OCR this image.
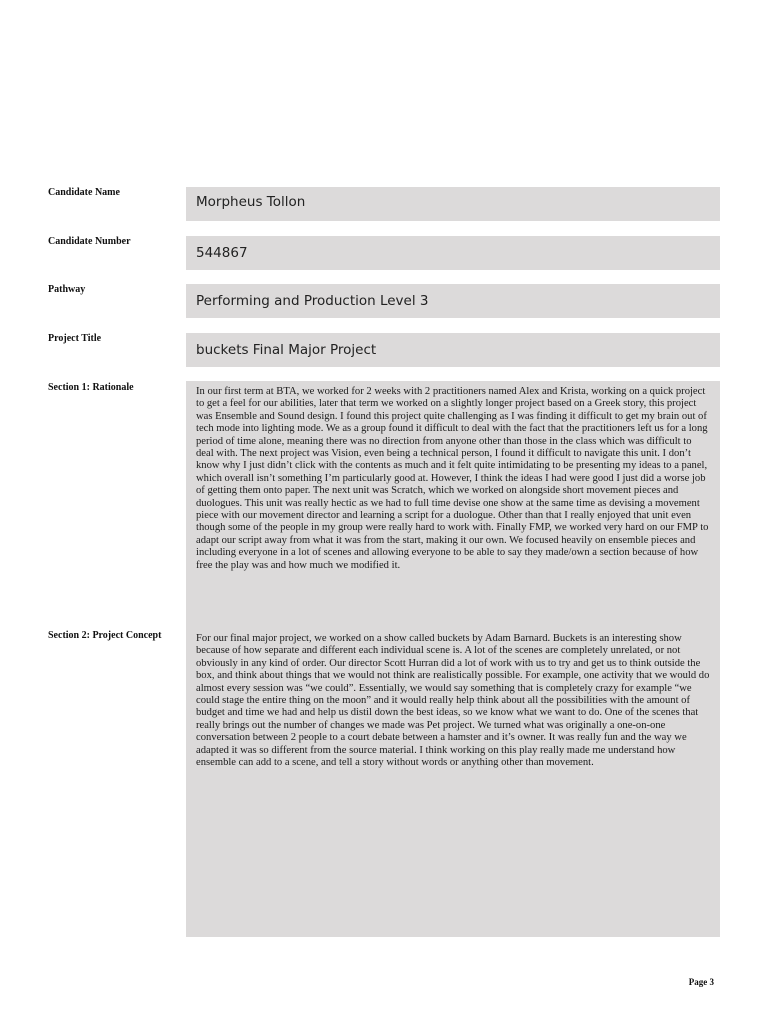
Candidate Name
Morpheus Tollon
Candidate Number
544867
Pathway
Performing and Production Level 3
Project Title
buckets Final Major Project
Section 1: Rationale	In our first term at BTA, we worked for 2 weeks with 2 practitioners named Alex and Krista, working on a quick project to get a feel for our abilities, later that term we worked on a slightly longer project based on a Greek story, this project was Ensemble and Sound design. I found this project quite challenging as I was finding it difficult to get my brain out of tech mode into lighting mode. We as a group found it difficult to deal with the fact that the practitioners left us for a long period of time alone, meaning there was no direction from anyone other than those in the class which was difficult to deal with. The next project was Vision, even being a technical person, I found it difficult to navigate this unit. I don’t know why I just didn’t click with the contents as much and it felt quite intimidating to be presenting my ideas to a panel, which overall isn’t something I’m particularly good at. However, I think the ideas I had were good I just did a worse job of getting them onto paper. The next unit was Scratch, which we worked on alongside short movement pieces and duologues. This unit was really hectic as we had to full time devise one show at the same time as devising a movement piece with our movement director and learning a script for a duologue. Other than that I really enjoyed that unit even though some of the people in my group were really hard to work with. Finally FMP, we worked very hard on our FMP to adapt our script away from what it was from the start, making it our own. We focused heavily on ensemble pieces and including everyone in a lot of scenes and allowing everyone to be able to say they made/own a section because of how free the play was and how much we modified it.
Section 2: Project Concept	For our final major project, we worked on a show called buckets by Adam Barnard. Buckets is an interesting show because of how separate and different each individual scene is. A lot of the scenes are completely unrelated, or not obviously in any kind of order. Our director Scott Hurran did a lot of work with us to try and get us to think outside the box, and think about things that we would not think are realistically possible. For example, one activity that we would do almost every session was “we could”. Essentially, we would say something that is completely crazy for example “we could stage the entire thing on the moon” and it would really help think about all the possibilities with the amount of budget and time we had and help us distil down the best ideas, so we know what we want to do. One of the scenes that really brings out the number of changes we made was Pet project. We turned what was originally a one-on-one conversation between 2 people to a court debate between a hamster and it’s owner. It was really fun and the way we adapted it was so different from the source material. I think working on this play really made me understand how ensemble can add to a scene, and tell a story without words or anything other than movement.
Page 3
